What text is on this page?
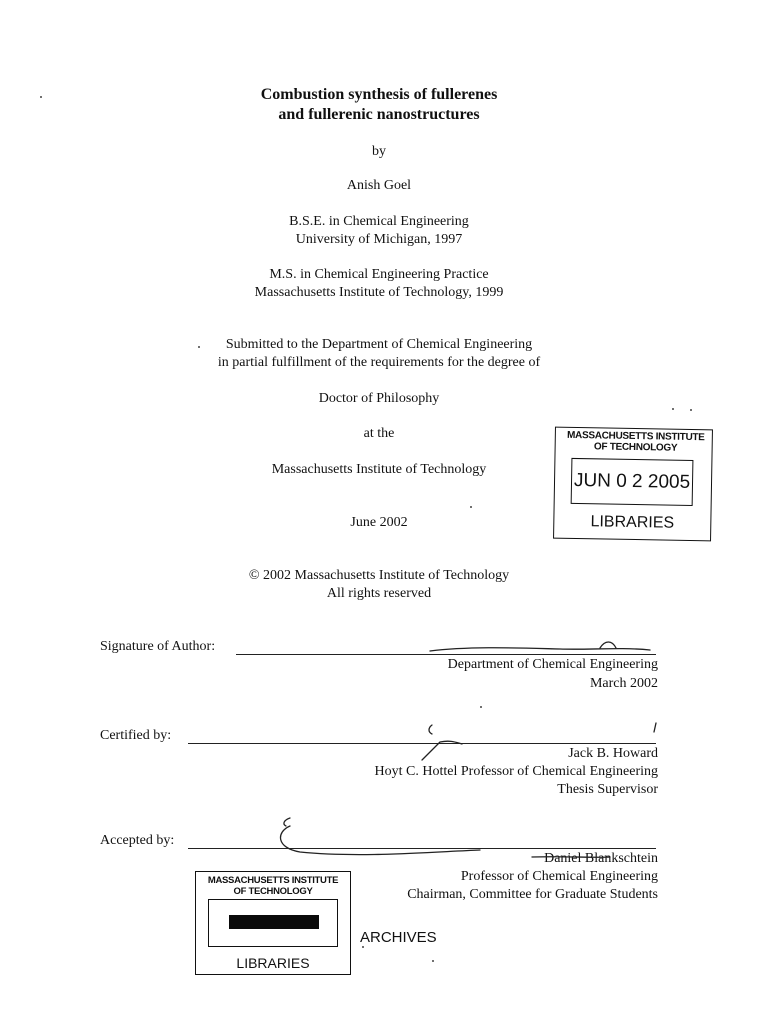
Combustion synthesis of fullerenes
and fullerenic nanostructures
by
Anish Goel
B.S.E. in Chemical Engineering
University of Michigan, 1997
M.S. in Chemical Engineering Practice
Massachusetts Institute of Technology, 1999
Submitted to the Department of Chemical Engineering
in partial fulfillment of the requirements for the degree of
Doctor of Philosophy
at the
Massachusetts Institute of Technology
June 2002
© 2002 Massachusetts Institute of Technology
All rights reserved
Signature of Author:
Department of Chemical Engineering
March 2002
Certified by:
Jack B. Howard
Hoyt C. Hottel Professor of Chemical Engineering
Thesis Supervisor
Accepted by:
Daniel Blankschtein
Professor of Chemical Engineering
Chairman, Committee for Graduate Students
MASSACHUSETTS INSTITUTE
OF TECHNOLOGY
JUN 0 2 2005
LIBRARIES
MASSACHUSETTS INSTITUTE
OF TECHNOLOGY
LIBRARIES
ARCHIVES
